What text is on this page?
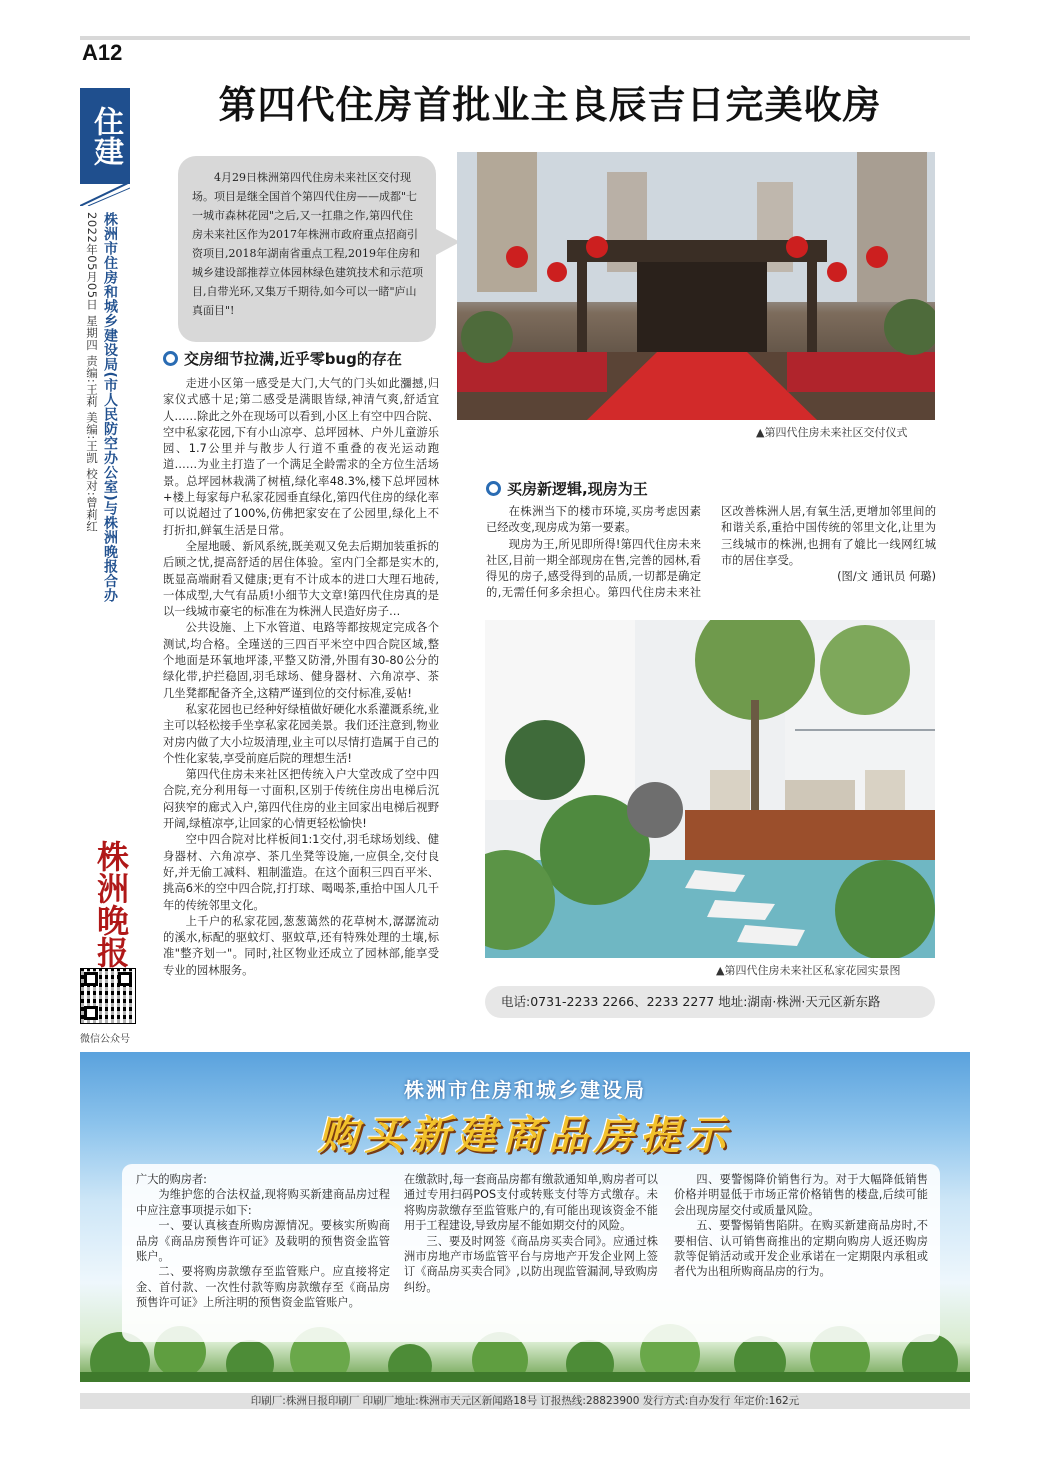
A12
住建
2022年05月05日 星期四 责编:王莉 美编:王凯 校对:曾莉红 株洲市住房和城乡建设局(市人民防空办公室)与株洲晚报合办
株洲晚报
微信公众号
第四代住房首批业主良辰吉日完美收房
4月29日株洲第四代住房未来社区交付现场。项目是继全国首个第四代住房——成都"七一城市森林花园"之后,又一扛鼎之作,第四代住房未来社区作为2017年株洲市政府重点招商引资项目,2018年湖南省重点工程,2019年住房和城乡建设部推荐立体园林绿色建筑技术和示范项目,自带光环,又集万千期待,如今可以一睹"庐山真面目"!
▲第四代住房未来社区交付仪式
交房细节拉满,近乎零bug的存在

走进小区第一感受是大门,大气的门头如此瀰撼,归家仪式感十足;第二感受是满眼皆绿,神清气爽,舒适宜人……除此之外在现场可以看到,小区上有空中四合院、空中私家花园,下有小山凉亭、总坪园林、户外儿童游乐园、1.7公里并与散步人行道不重叠的夜光运动跑道……为业主打造了一个满足全龄需求的全方位生活场景。总坪园林栽满了树植,绿化率48.3%,楼下总坪园林+楼上每家每户私家花园垂直绿化,第四代住房的绿化率可以说超过了100%,仿佛把家安在了公园里,绿化上不打折扣,鲜氧生活是日常。

全屋地暖、新风系统,既美观又免去后期加装重拆的后顾之忧,提高舒适的居住体验。室内门全都是实木的,既显高端耐看又健康;更有不计成本的进口大理石地砖,一体成型,大气有品质!小细节大文章!第四代住房真的是以一线城市豪宅的标准在为株洲人民造好房子…

公共设施、上下水管道、电路等都按规定完成各个测试,均合格。全瑾送的三四百平米空中四合院区域,整个地面是环氧地坪漆,平整又防滑,外围有30-80公分的绿化带,护拦稳固,羽毛球场、健身器材、六角凉亭、茶几坐凳都配备齐全,这精严谨到位的交付标准,妥帖!

私家花园也已经种好绿植做好硬化水系灌溉系统,业主可以轻松接手坐享私家花园美景。我们还注意到,物业对房内做了大小垃圾清理,业主可以尽情打造属于自己的个性化家装,享受前庭后院的理想生活!

第四代住房未来社区把传统入户大堂改成了空中四合院,充分利用每一寸面积,区别于传统住房出电梯后沉闷狭窄的廊式入户,第四代住房的业主回家出电梯后视野开阔,绿植凉亭,让回家的心情更轻松愉快!

空中四合院对比样板间1:1交付,羽毛球场划线、健身器材、六角凉亭、茶几坐凳等设施,一应俱全,交付良好,并无偷工减料、粗制滥造。在这个面积三四百平米、挑高6米的空中四合院,打打球、喝喝茶,重拾中国人几千年的传统邻里文化。

上千户的私家花园,葱葱蔼然的花草树木,潺潺流动的溪水,标配的驱蚊灯、驱蚊草,还有特殊处理的土壤,标准"整齐划一"。同时,社区物业还成立了园林部,能享受专业的园林服务。

买房新逻辑,现房为王

在株洲当下的楼市环境,买房考虑因素已经改变,现房成为第一要素。

现房为王,所见即所得!第四代住房未来社区,目前一期全部现房在售,完善的园林,看得见的房子,感受得到的品质,一切都是确定的,无需任何多余担心。第四代住房未来社区改善株洲人居,有氧生活,更增加邻里间的和谐关系,重拾中国传统的邻里文化,让里为三线城市的株洲,也拥有了媲比一线网红城市的居住享受。

(图/文 通讯员 何璐)
▲第四代住房未来社区私家花园实景图
电话:0731-2233 2266、2233 2277 地址:湖南·株洲·天元区新东路
株洲市住房和城乡建设局
购买新建商品房提示
广大的购房者:

为维护您的合法权益,现将购买新建商品房过程中应注意事项提示如下:

一、要认真核查所购房源情况。要核实所购商品房《商品房预售许可证》及载明的预售资金监管账户。

二、要将购房款缴存至监管账户。应直接将定金、首付款、一次性付款等购房款缴存至《商品房预售许可证》上所注明的预售资金监管账户。

在缴款时,每一套商品房都有缴款通知单,购房者可以通过专用扫码POS支付或转账支付等方式缴存。未将购房款缴存至监管账户的,有可能出现该资金不能用于工程建设,导致房屋不能如期交付的风险。

三、要及时网签《商品房买卖合同》。应通过株洲市房地产市场监管平台与房地产开发企业网上签订《商品房买卖合同》,以防出现监管漏洞,导致购房纠纷。

四、要警惕降价销售行为。对于大幅降低销售价格并明显低于市场正常价格销售的楼盘,后续可能会出现房屋交付或质量风险。

五、要警惕销售陷阱。在购买新建商品房时,不要相信、认可销售商推出的定期向购房人返还购房款等促销活动或开发企业承诺在一定期限内承租或者代为出租所购商品房的行为。

印刷厂:株洲日报印刷厂 印刷厂地址:株洲市天元区新闻路18号 订报热线:28823900 发行方式:自办发行 年定价:162元
